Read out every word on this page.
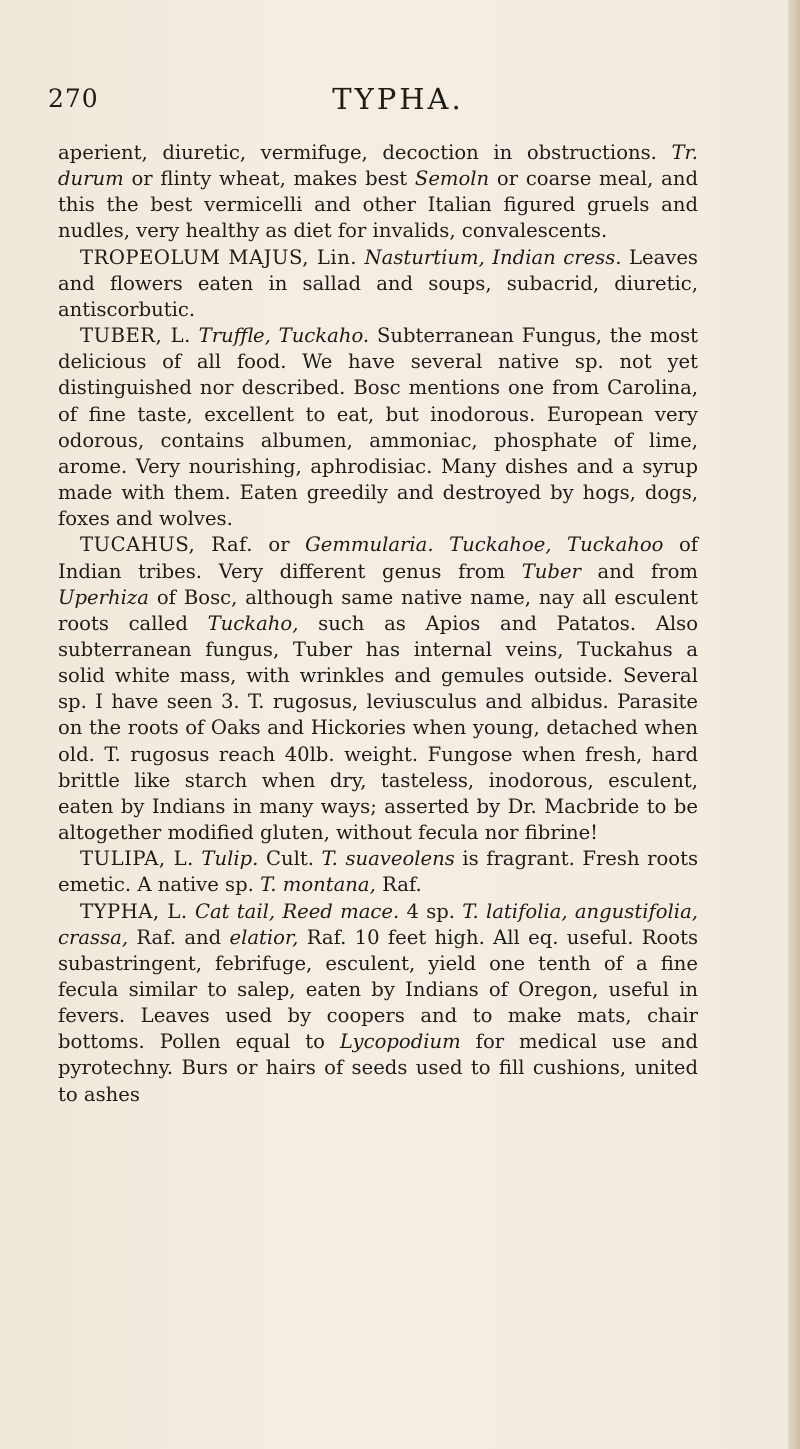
270	TYPHA.

aperient, diuretic, vermifuge, decoction in obstructions. Tr. durum or flinty wheat, makes best Semoln or coarse meal, and this the best vermicelli and other Italian figured gruels and nudles, very healthy as diet for invalids, convalescents.

TROPEOLUM MAJUS, Lin. Nasturtium, Indian cress. Leaves and flowers eaten in sallad and soups, subacrid, diuretic, antiscorbutic.

TUBER, L. Truffle, Tuckaho. Subterranean Fungus, the most delicious of all food. We have several native sp. not yet distinguished nor described. Bosc mentions one from Carolina, of fine taste, excellent to eat, but inodorous. European very odorous, contains albumen, ammoniac, phosphate of lime, arome. Very nourishing, aphrodisiac. Many dishes and a syrup made with them. Eaten greedily and destroyed by hogs, dogs, foxes and wolves.

TUCAHUS, Raf. or Gemmularia. Tuckahoe, Tuckahoo of Indian tribes. Very different genus from Tuber and from Uperhiza of Bosc, although same native name, nay all esculent roots called Tuckaho, such as Apios and Patatos. Also subterranean fungus, Tuber has internal veins, Tuckahus a solid white mass, with wrinkles and gemules outside. Several sp. I have seen 3. T. rugosus, leviusculus and albidus. Parasite on the roots of Oaks and Hickories when young, detached when old. T. rugosus reach 40lb. weight. Fungose when fresh, hard brittle like starch when dry, tasteless, inodorous, esculent, eaten by Indians in many ways; asserted by Dr. Macbride to be altogether modified gluten, without fecula nor fibrine!

TULIPA, L. Tulip. Cult. T. suaveolens is fragrant. Fresh roots emetic. A native sp. T. montana, Raf.

TYPHA, L. Cat tail, Reed mace. 4 sp. T. latifolia, angustifolia, crassa, Raf. and elatior, Raf. 10 feet high. All eq. useful. Roots subastringent, febrifuge, esculent, yield one tenth of a fine fecula similar to salep, eaten by Indians of Oregon, useful in fevers. Leaves used by coopers and to make mats, chair bottoms. Pollen equal to Lycopodium for medical use and pyrotechny. Burs or hairs of seeds used to fill cushions, united to ashes
